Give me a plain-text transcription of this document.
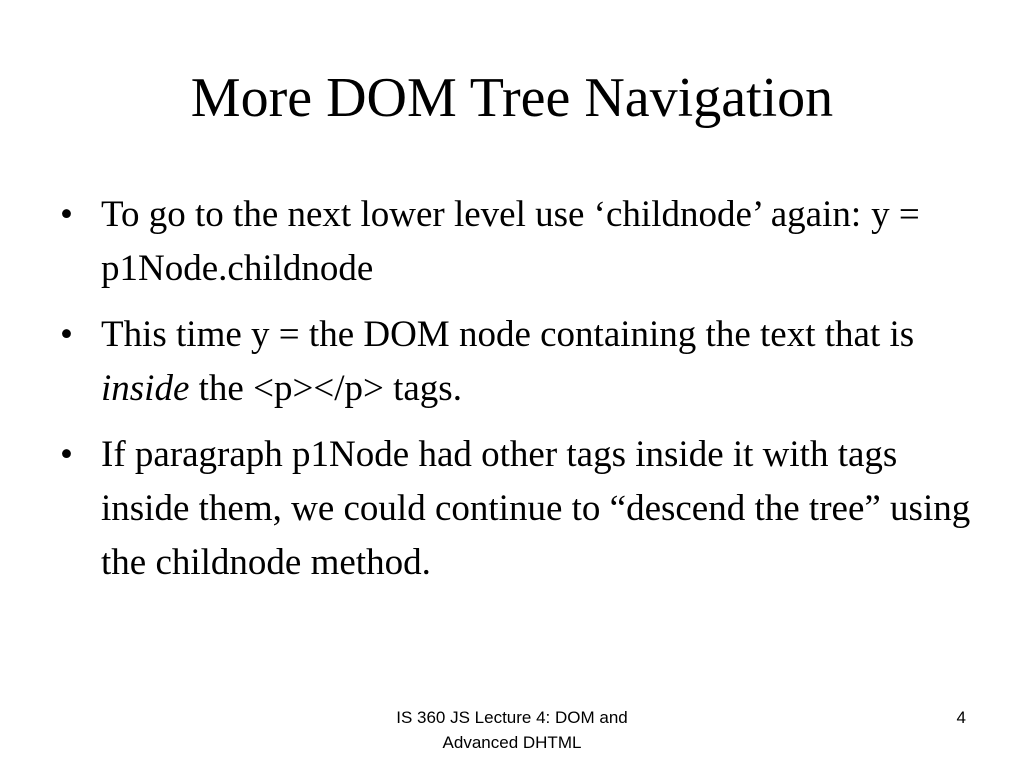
More DOM Tree Navigation
• To go to the next lower level use ‘childnode’ again: y = p1Node.childnode
• This time y = the DOM node containing the text that is inside the <p></p> tags.
• If paragraph p1Node had other tags inside it with tags inside them, we could continue to “descend the tree” using the childnode method.
IS 360 JS Lecture 4: DOM and
Advanced DHTML
4
